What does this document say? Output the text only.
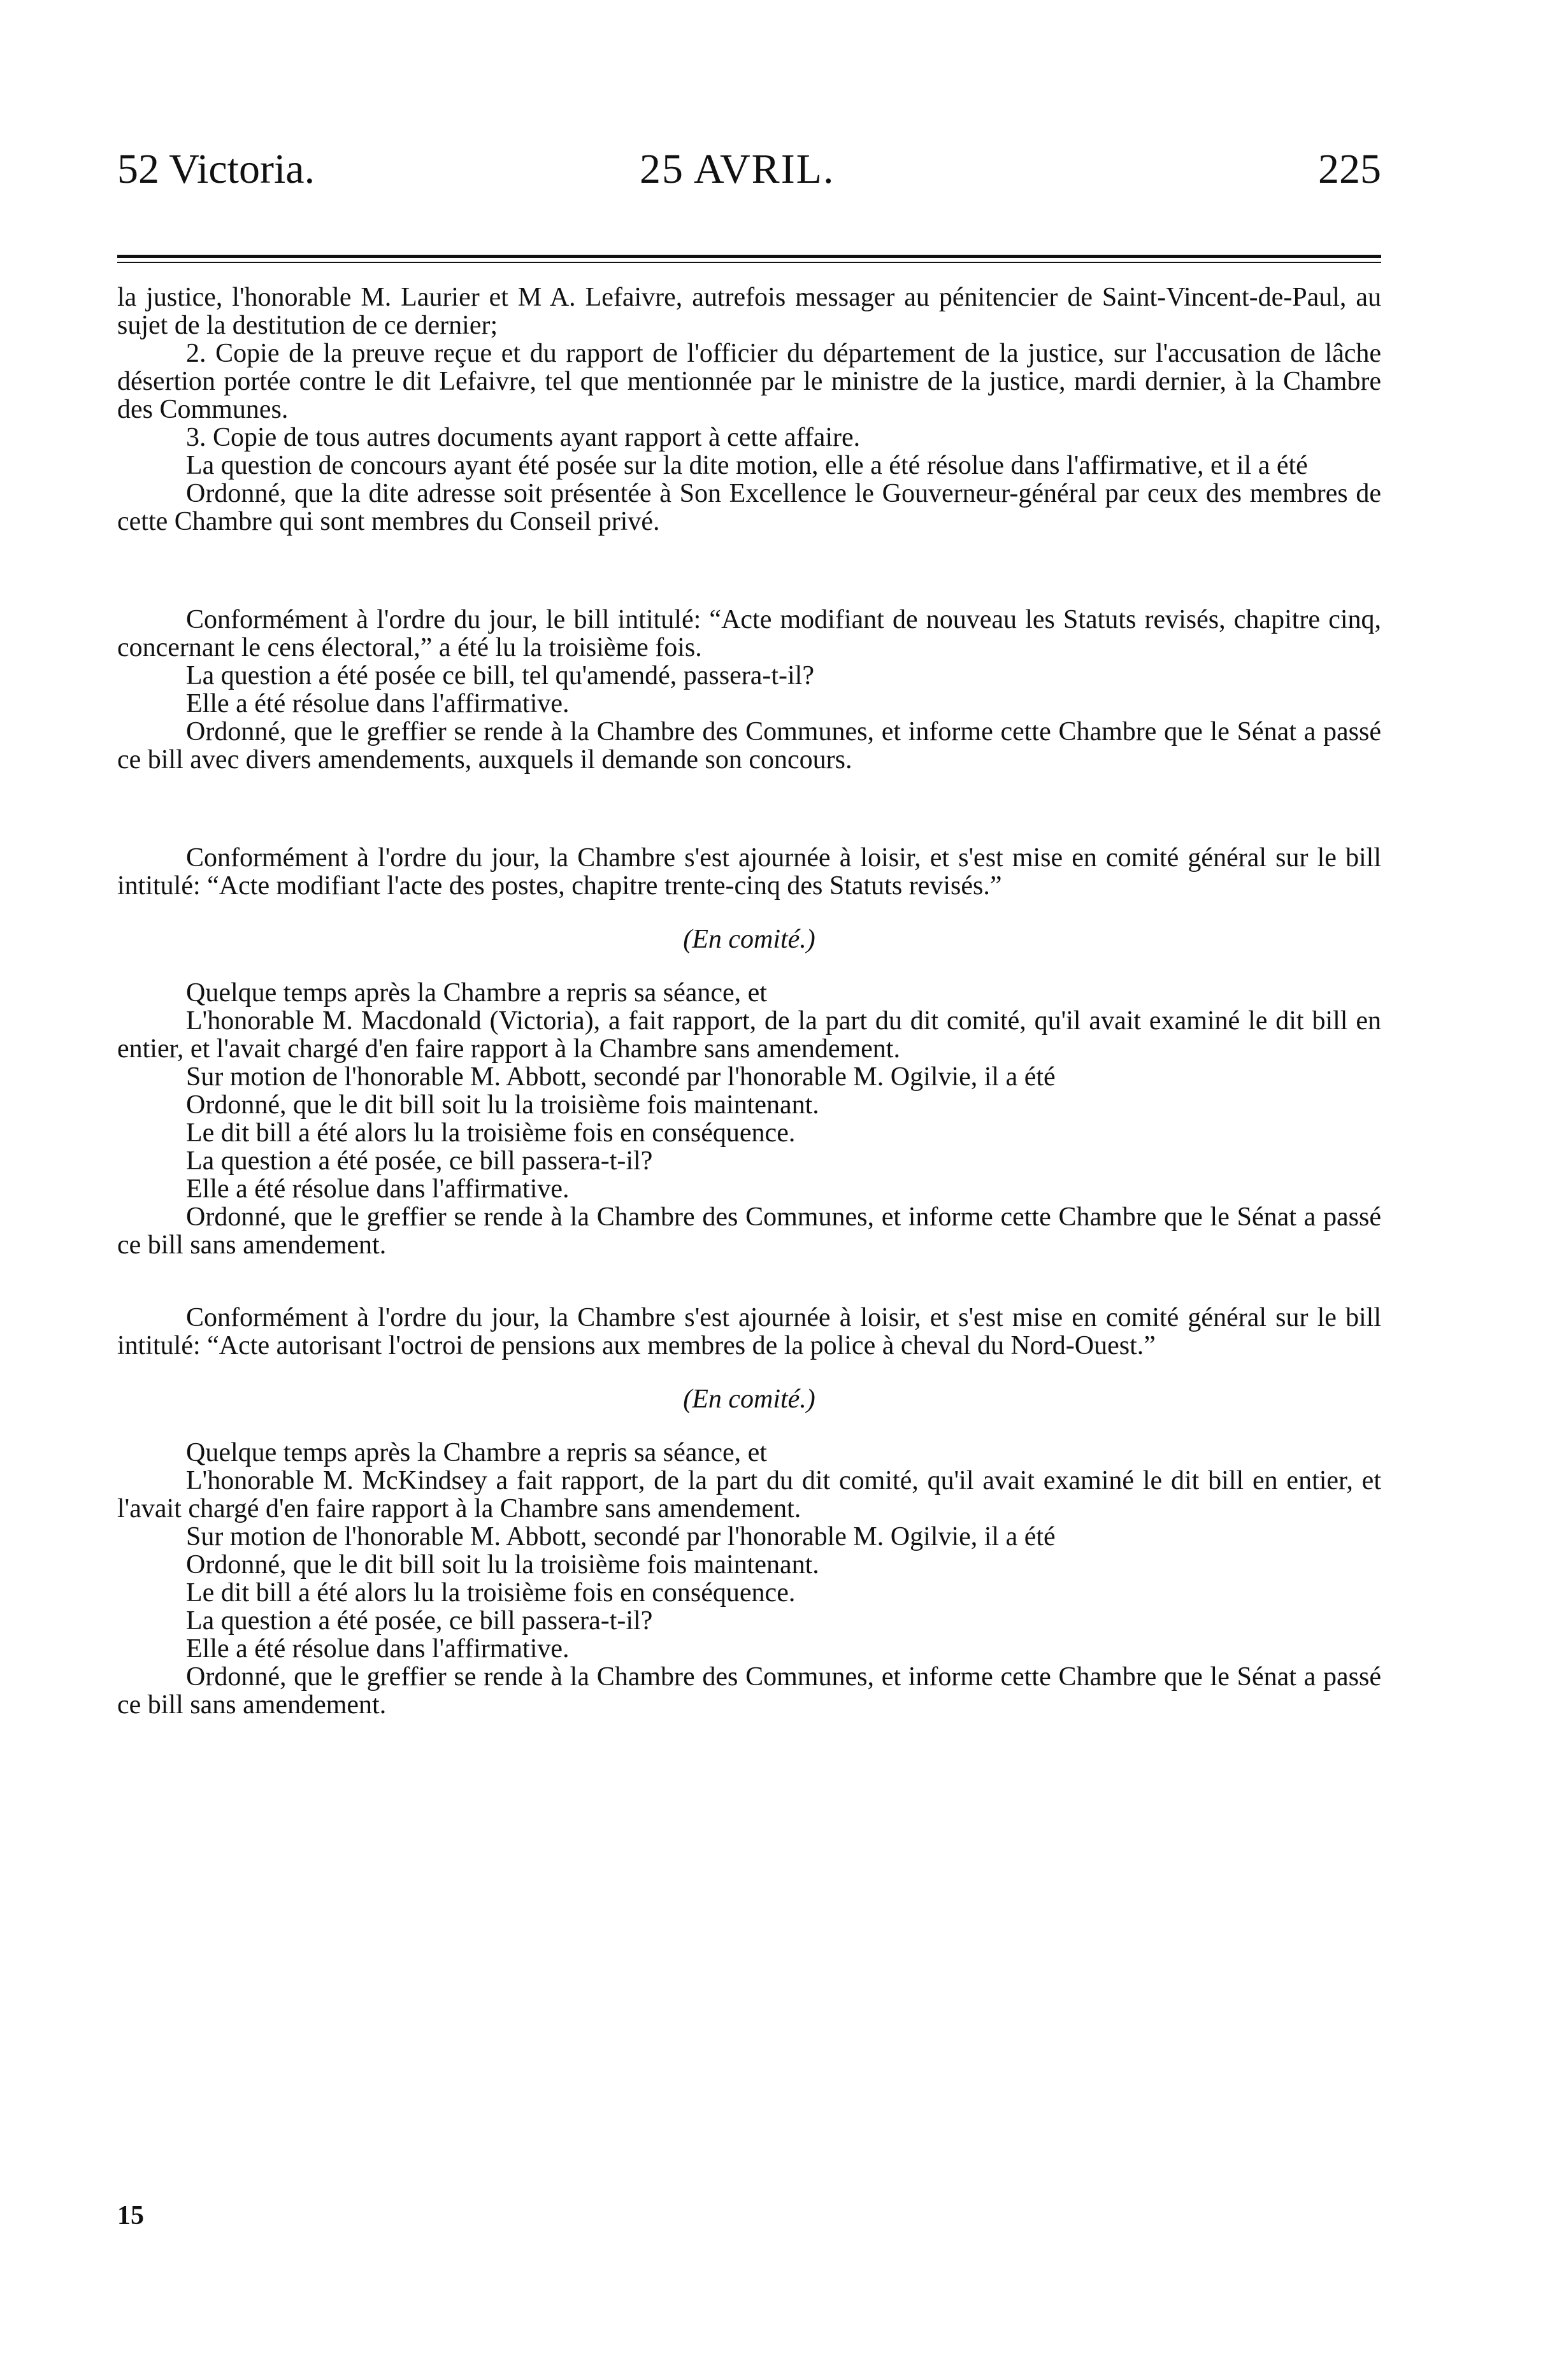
52 Victoria.	25 AVRIL.	225

la justice, l'honorable M. Laurier et M A. Lefaivre, autrefois messager au pénitencier de Saint-Vincent-de-Paul, au sujet de la destitution de ce dernier;

2. Copie de la preuve reçue et du rapport de l'officier du département de la justice, sur l'accusation de lâche désertion portée contre le dit Lefaivre, tel que mentionnée par le ministre de la justice, mardi dernier, à la Chambre des Communes.

3. Copie de tous autres documents ayant rapport à cette affaire.

La question de concours ayant été posée sur la dite motion, elle a été résolue dans l'affirmative, et il a été

Ordonné, que la dite adresse soit présentée à Son Excellence le Gouverneur-général par ceux des membres de cette Chambre qui sont membres du Conseil privé.

Conformément à l'ordre du jour, le bill intitulé: “Acte modifiant de nouveau les Statuts revisés, chapitre cinq, concernant le cens électoral,” a été lu la troisième fois.

La question a été posée ce bill, tel qu'amendé, passera-t-il?

Elle a été résolue dans l'affirmative.

Ordonné, que le greffier se rende à la Chambre des Communes, et informe cette Chambre que le Sénat a passé ce bill avec divers amendements, auxquels il demande son concours.

Conformément à l'ordre du jour, la Chambre s'est ajournée à loisir, et s'est mise en comité général sur le bill intitulé: “Acte modifiant l'acte des postes, chapitre trente-cinq des Statuts revisés.”

(En comité.)

Quelque temps après la Chambre a repris sa séance, et

L'honorable M. Macdonald (Victoria), a fait rapport, de la part du dit comité, qu'il avait examiné le dit bill en entier, et l'avait chargé d'en faire rapport à la Chambre sans amendement.

Sur motion de l'honorable M. Abbott, secondé par l'honorable M. Ogilvie, il a été

Ordonné, que le dit bill soit lu la troisième fois maintenant.

Le dit bill a été alors lu la troisième fois en conséquence.

La question a été posée, ce bill passera-t-il?

Elle a été résolue dans l'affirmative.

Ordonné, que le greffier se rende à la Chambre des Communes, et informe cette Chambre que le Sénat a passé ce bill sans amendement.

Conformément à l'ordre du jour, la Chambre s'est ajournée à loisir, et s'est mise en comité général sur le bill intitulé: “Acte autorisant l'octroi de pensions aux membres de la police à cheval du Nord-Ouest.”

(En comité.)

Quelque temps après la Chambre a repris sa séance, et

L'honorable M. McKindsey a fait rapport, de la part du dit comité, qu'il avait examiné le dit bill en entier, et l'avait chargé d'en faire rapport à la Chambre sans amendement.

Sur motion de l'honorable M. Abbott, secondé par l'honorable M. Ogilvie, il a été

Ordonné, que le dit bill soit lu la troisième fois maintenant.

Le dit bill a été alors lu la troisième fois en conséquence.

La question a été posée, ce bill passera-t-il?

Elle a été résolue dans l'affirmative.

Ordonné, que le greffier se rende à la Chambre des Communes, et informe cette Chambre que le Sénat a passé ce bill sans amendement.

15
